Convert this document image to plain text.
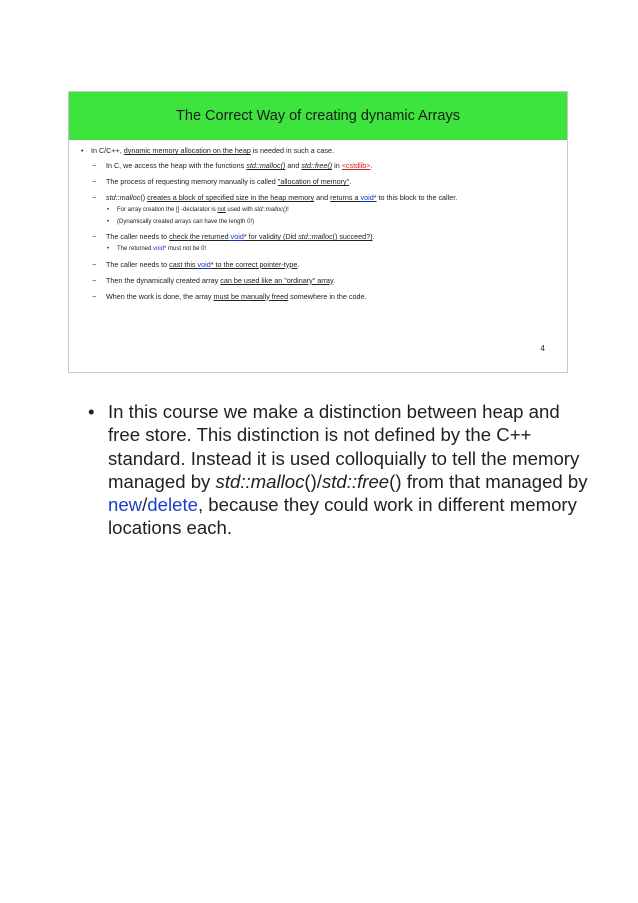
The Correct Way of creating dynamic Arrays
•	In C/C++, dynamic memory allocation on the heap is needed in such a case.
−	In C, we access the heap with the functions std::malloc() and std::free() in <cstdlib>.
−	The process of requesting memory manually is called "allocation of memory".
−	std::malloc() creates a block of specified size in the heap memory and returns a void* to this block to the caller.
•	For array creation the [] -declarator is not used with std::malloc()!
•	(Dynamically created arrays can have the length 0!)
−	The caller needs to check the returned void* for validity (Did std::malloc() succeed?).
•	The returned void* must not be 0!
−	The caller needs to cast this void* to the correct pointer-type.
−	Then the dynamically created array can be used like an "ordinary" array.
−	When the work is done, the array must be manually freed somewhere in the code.
4
• In this course we make a distinction between heap and free store. This distinction is not defined by the C++ standard. Instead it is used colloquially to tell the memory managed by std::malloc()/std::free() from that managed by new/delete, because they could work in different memory locations each.
